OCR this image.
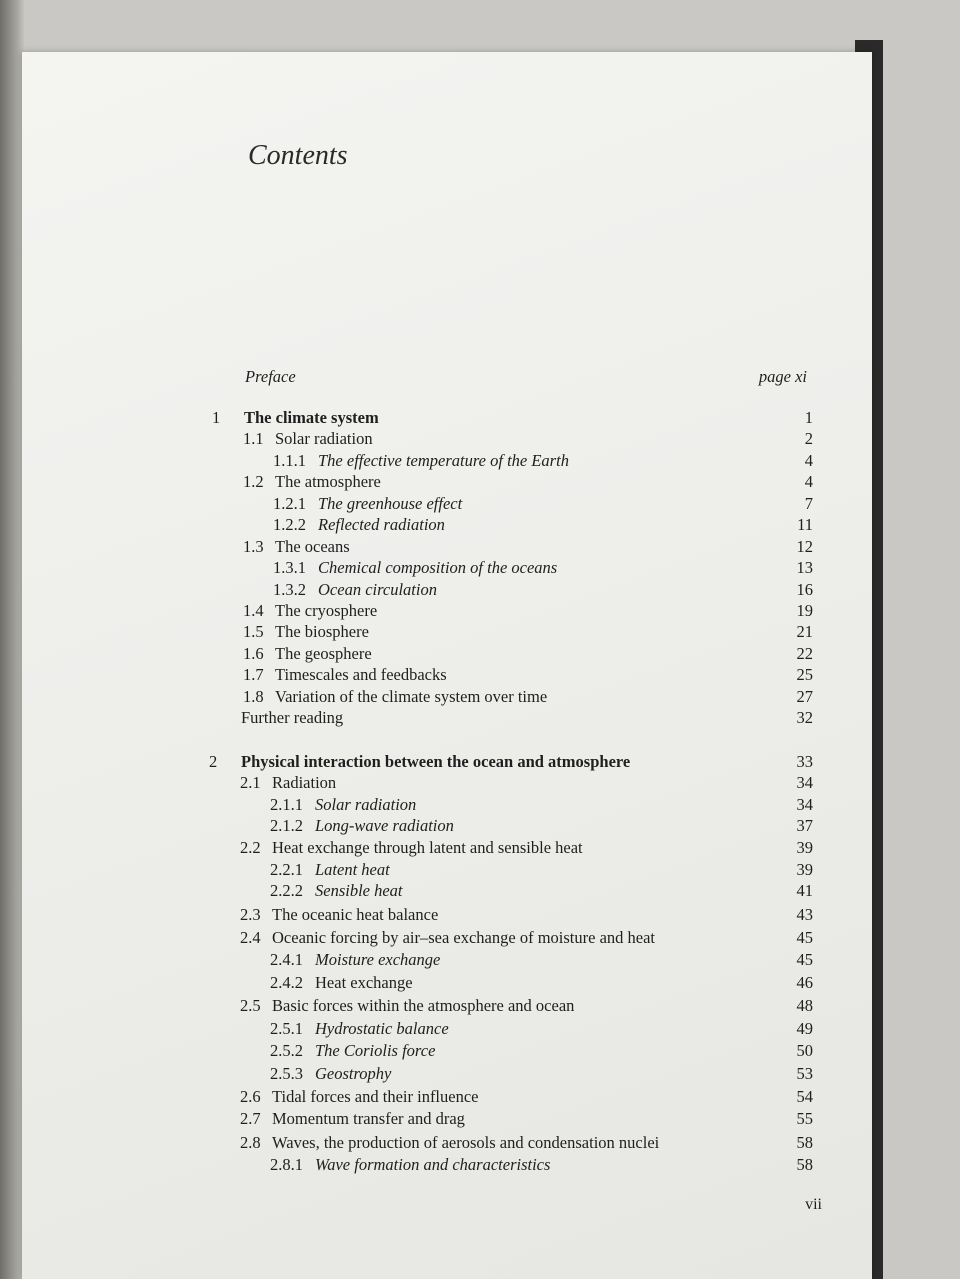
Contents
Preface	page xi
1 The climate system	1
1.1 Solar radiation	2
1.1.1 The effective temperature of the Earth	4
1.2 The atmosphere	4
1.2.1 The greenhouse effect	7
1.2.2 Reflected radiation	11
1.3 The oceans	12
1.3.1 Chemical composition of the oceans	13
1.3.2 Ocean circulation	16
1.4 The cryosphere	19
1.5 The biosphere	21
1.6 The geosphere	22
1.7 Timescales and feedbacks	25
1.8 Variation of the climate system over time	27
Further reading	32
2 Physical interaction between the ocean and atmosphere	33
2.1 Radiation	34
2.1.1 Solar radiation	34
2.1.2 Long-wave radiation	37
2.2 Heat exchange through latent and sensible heat	39
2.2.1 Latent heat	39
2.2.2 Sensible heat	41
2.3 The oceanic heat balance	43
2.4 Oceanic forcing by air–sea exchange of moisture and heat	45
2.4.1 Moisture exchange	45
2.4.2 Heat exchange	46
2.5 Basic forces within the atmosphere and ocean	48
2.5.1 Hydrostatic balance	49
2.5.2 The Coriolis force	50
2.5.3 Geostrophy	53
2.6 Tidal forces and their influence	54
2.7 Momentum transfer and drag	55
2.8 Waves, the production of aerosols and condensation nuclei	58
2.8.1 Wave formation and characteristics	58
vii
